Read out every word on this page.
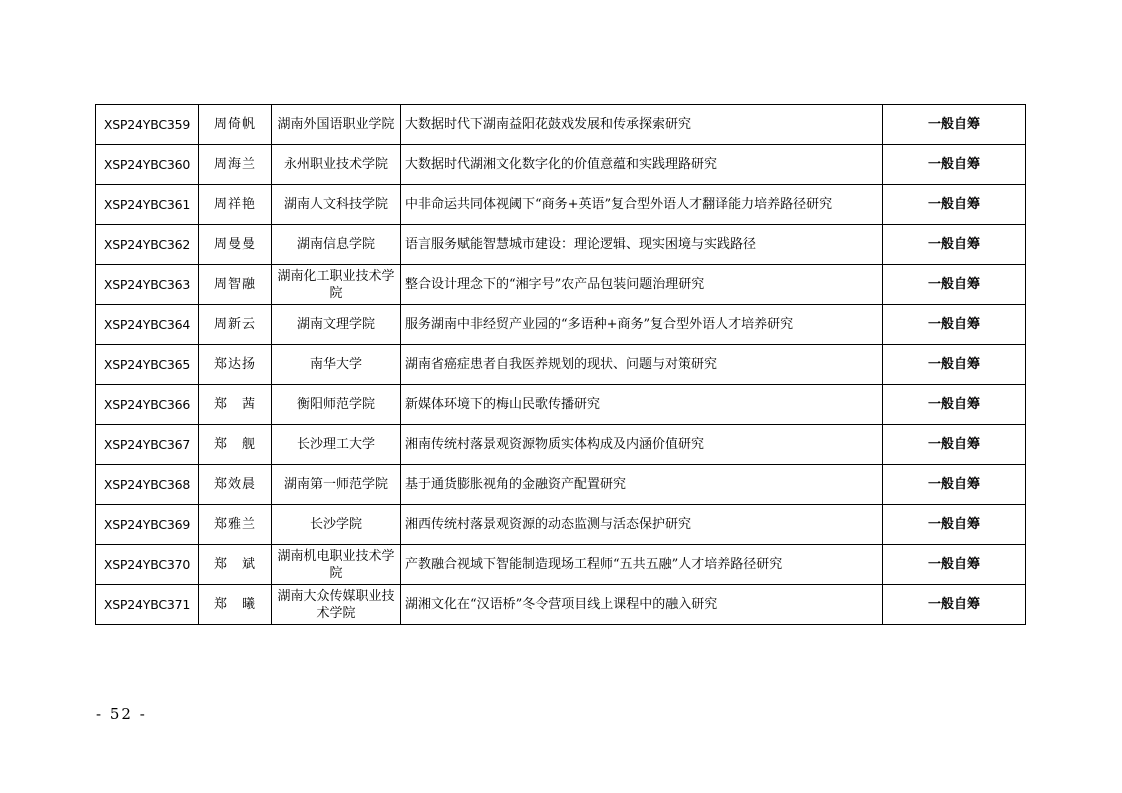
XSP24YBC359	周倚帆	湖南外国语职业学院	大数据时代下湖南益阳花鼓戏发展和传承探索研究	一般自筹
XSP24YBC360	周海兰	永州职业技术学院	大数据时代湖湘文化数字化的价值意蕴和实践理路研究	一般自筹
XSP24YBC361	周祥艳	湖南人文科技学院	中非命运共同体视阈下“商务+英语”复合型外语人才翻译能力培养路径研究	一般自筹
XSP24YBC362	周曼曼	湖南信息学院	语言服务赋能智慧城市建设：理论逻辑、现实困境与实践路径	一般自筹
XSP24YBC363	周智融	湖南化工职业技术学院	整合设计理念下的“湘字号”农产品包装问题治理研究	一般自筹
XSP24YBC364	周新云	湖南文理学院	服务湖南中非经贸产业园的“多语种+商务”复合型外语人才培养研究	一般自筹
XSP24YBC365	郑达扬	南华大学	湖南省癌症患者自我医养规划的现状、问题与对策研究	一般自筹
XSP24YBC366	郑　茜	衡阳师范学院	新媒体环境下的梅山民歌传播研究	一般自筹
XSP24YBC367	郑　舰	长沙理工大学	湘南传统村落景观资源物质实体构成及内涵价值研究	一般自筹
XSP24YBC368	郑效晨	湖南第一师范学院	基于通货膨胀视角的金融资产配置研究	一般自筹
XSP24YBC369	郑雅兰	长沙学院	湘西传统村落景观资源的动态监测与活态保护研究	一般自筹
XSP24YBC370	郑　斌	湖南机电职业技术学院	产教融合视域下智能制造现场工程师“五共五融”人才培养路径研究	一般自筹
XSP24YBC371	郑　曦	湖南大众传媒职业技术学院	湖湘文化在“汉语桥”冬令营项目线上课程中的融入研究	一般自筹
- 52 -
